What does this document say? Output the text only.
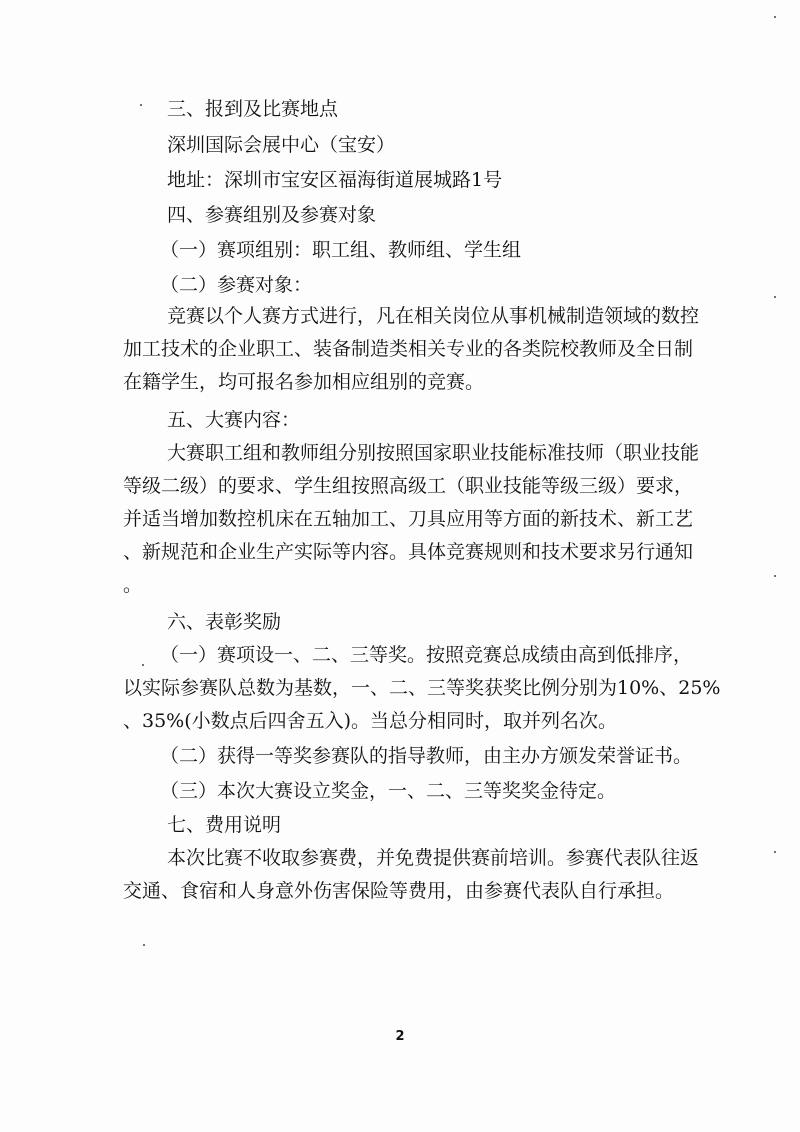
三、报到及比赛地点
深圳国际会展中心（宝安）
地址：深圳市宝安区福海街道展城路1号
四、参赛组别及参赛对象
（一）赛项组别：职工组、教师组、学生组
（二）参赛对象：
竞赛以个人赛方式进行，凡在相关岗位从事机械制造领域的数控
加工技术的企业职工、装备制造类相关专业的各类院校教师及全日制
在籍学生，均可报名参加相应组别的竞赛。
五、大赛内容：
大赛职工组和教师组分别按照国家职业技能标准技师（职业技能
等级二级）的要求、学生组按照高级工（职业技能等级三级）要求，
并适当增加数控机床在五轴加工、刀具应用等方面的新技术、新工艺
、新规范和企业生产实际等内容。具体竞赛规则和技术要求另行通知
。
六、表彰奖励
（一）赛项设一、二、三等奖。按照竞赛总成绩由高到低排序，
以实际参赛队总数为基数，一、二、三等奖获奖比例分别为10%、25%
、35%(小数点后四舍五入)。当总分相同时，取并列名次。
（二）获得一等奖参赛队的指导教师，由主办方颁发荣誉证书。
（三）本次大赛设立奖金，一、二、三等奖奖金待定。
七、费用说明
本次比赛不收取参赛费，并免费提供赛前培训。参赛代表队往返
交通、食宿和人身意外伤害保险等费用，由参赛代表队自行承担。
2
